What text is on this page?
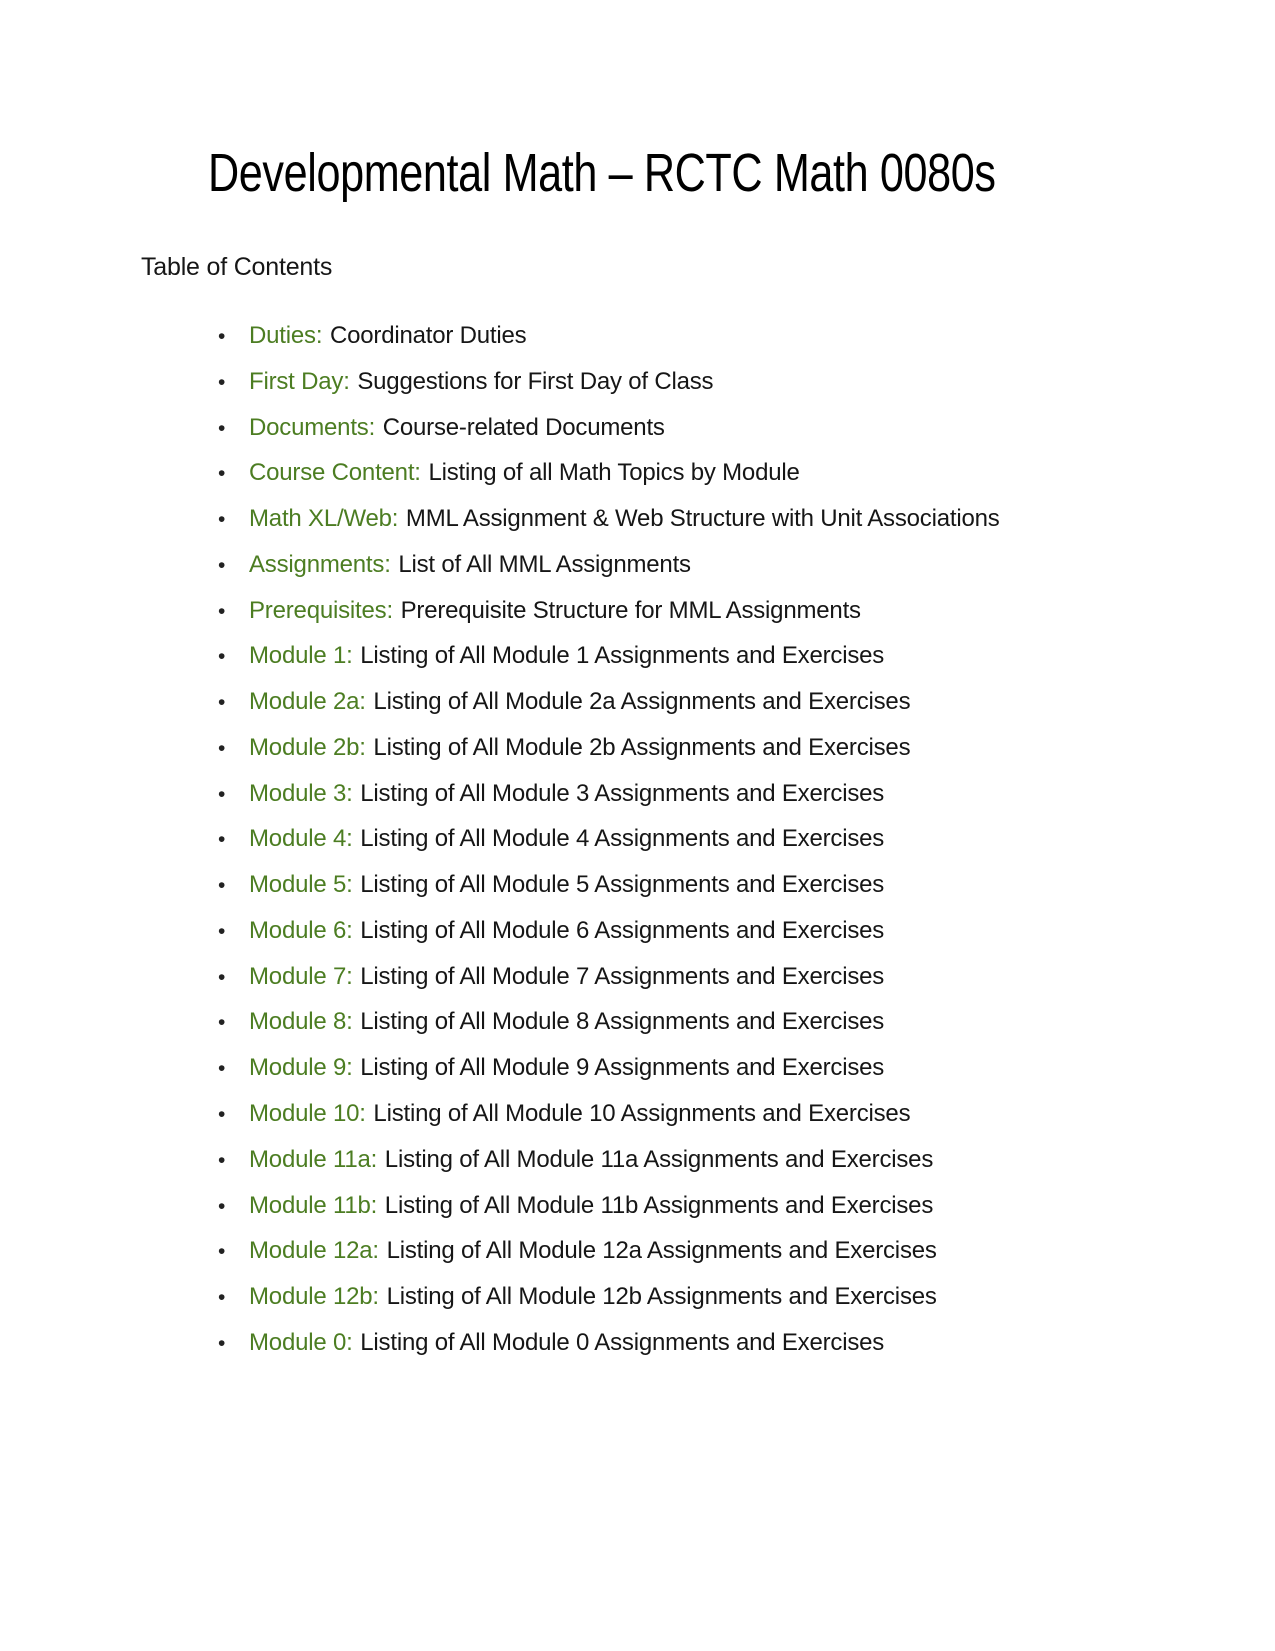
Developmental Math – RCTC Math 0080s
Table of Contents
• Duties: Coordinator Duties
• First Day: Suggestions for First Day of Class
• Documents: Course-related Documents
• Course Content: Listing of all Math Topics by Module
• Math XL/Web: MML Assignment & Web Structure with Unit Associations
• Assignments: List of All MML Assignments
• Prerequisites: Prerequisite Structure for MML Assignments
• Module 1: Listing of All Module 1 Assignments and Exercises
• Module 2a: Listing of All Module 2a Assignments and Exercises
• Module 2b: Listing of All Module 2b Assignments and Exercises
• Module 3: Listing of All Module 3 Assignments and Exercises
• Module 4: Listing of All Module 4 Assignments and Exercises
• Module 5: Listing of All Module 5 Assignments and Exercises
• Module 6: Listing of All Module 6 Assignments and Exercises
• Module 7: Listing of All Module 7 Assignments and Exercises
• Module 8: Listing of All Module 8 Assignments and Exercises
• Module 9: Listing of All Module 9 Assignments and Exercises
• Module 10: Listing of All Module 10 Assignments and Exercises
• Module 11a: Listing of All Module 11a Assignments and Exercises
• Module 11b: Listing of All Module 11b Assignments and Exercises
• Module 12a: Listing of All Module 12a Assignments and Exercises
• Module 12b: Listing of All Module 12b Assignments and Exercises
• Module 0: Listing of All Module 0 Assignments and Exercises
